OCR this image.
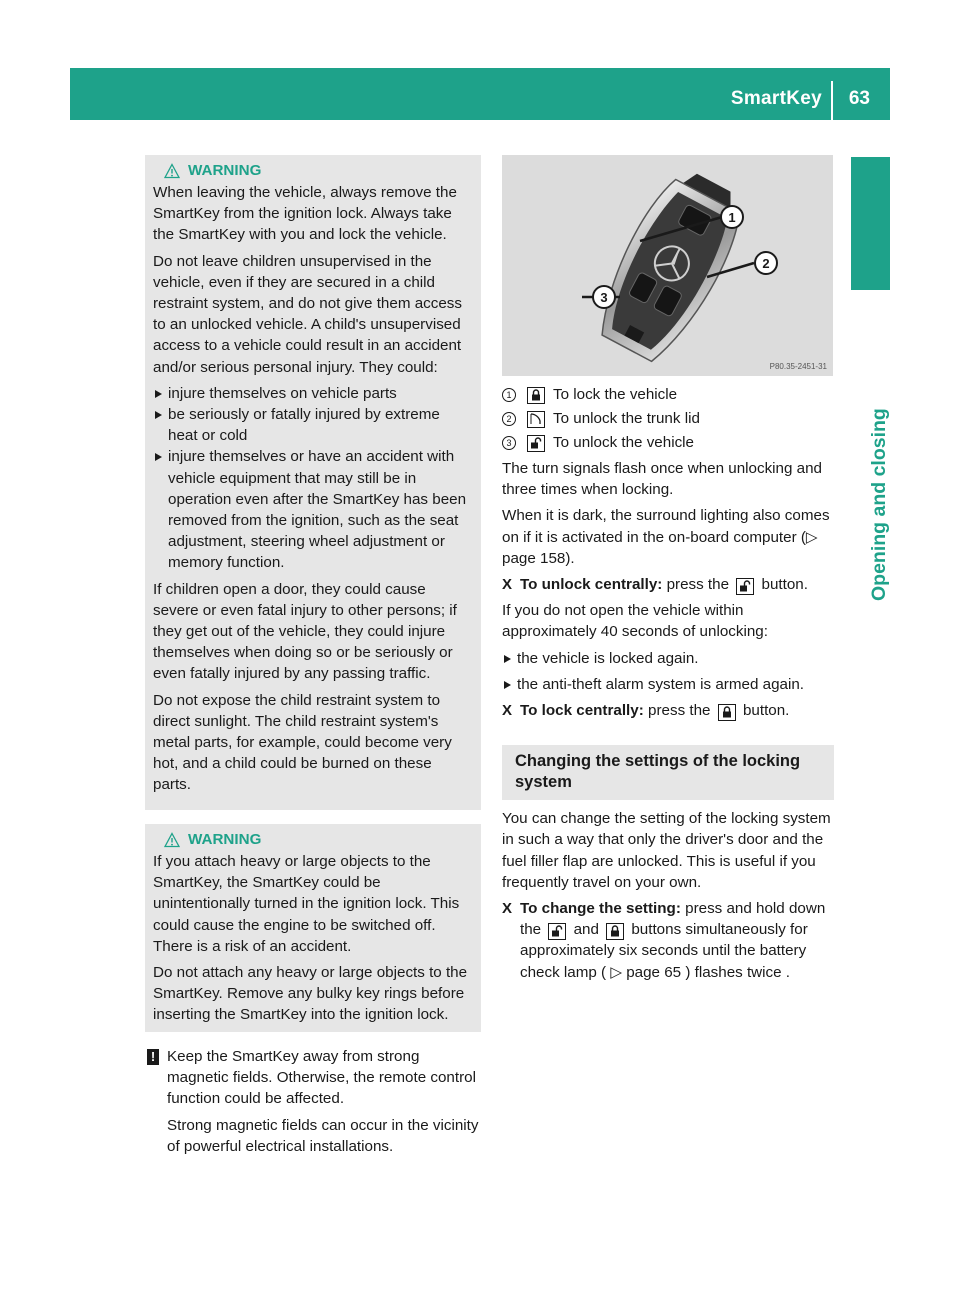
SmartKey 63
Opening and closing
WARNING

When leaving the vehicle, always remove the SmartKey from the ignition lock. Always take the SmartKey with you and lock the vehicle.

Do not leave children unsupervised in the vehicle, even if they are secured in a child restraint system, and do not give them access to an unlocked vehicle. A child's unsupervised access to a vehicle could result in an accident and/or serious personal injury. They could:

injure themselves on vehicle parts
be seriously or fatally injured by extreme heat or cold
injure themselves or have an accident with vehicle equipment that may still be in operation even after the SmartKey has been removed from the ignition, such as the seat adjustment, steering wheel adjustment or memory function.

If children open a door, they could cause severe or even fatal injury to other persons; if they get out of the vehicle, they could injure themselves when doing so or be seriously or even fatally injured by any passing traffic.

Do not expose the child restraint system to direct sunlight. The child restraint system's metal parts, for example, could become very hot, and a child could be burned on these parts.

WARNING

If you attach heavy or large objects to the SmartKey, the SmartKey could be unintentionally turned in the ignition lock. This could cause the engine to be switched off. There is a risk of an accident.

Do not attach any heavy or large objects to the SmartKey. Remove any bulky key rings before inserting the SmartKey into the ignition lock.

! Keep the SmartKey away from strong magnetic fields. Otherwise, the remote control function could be affected.

Strong magnetic fields can occur in the vicinity of powerful electrical installations.

1
2
3
P80.35-2451-31
1	To lock the vehicle
2	To unlock the trunk lid
3	To unlock the vehicle

The turn signals flash once when unlocking and three times when locking.

When it is dark, the surround lighting also comes on if it is activated in the on-board computer (▷ page 158).

X To unlock centrally: press the
button.

If you do not open the vehicle within approximately 40 seconds of unlocking:

the vehicle is locked again.
the anti-theft alarm system is armed again.
X To lock centrally: press the
button.
Changing the settings of the locking system

You can change the setting of the locking system in such a way that only the driver's door and the fuel filler flap are unlocked. This is useful if you frequently travel on your own.

X To change the setting: press and hold down the
and
buttons simultaneously for approximately six seconds until the battery check lamp ( ▷ page 65 ) flashes twice .
